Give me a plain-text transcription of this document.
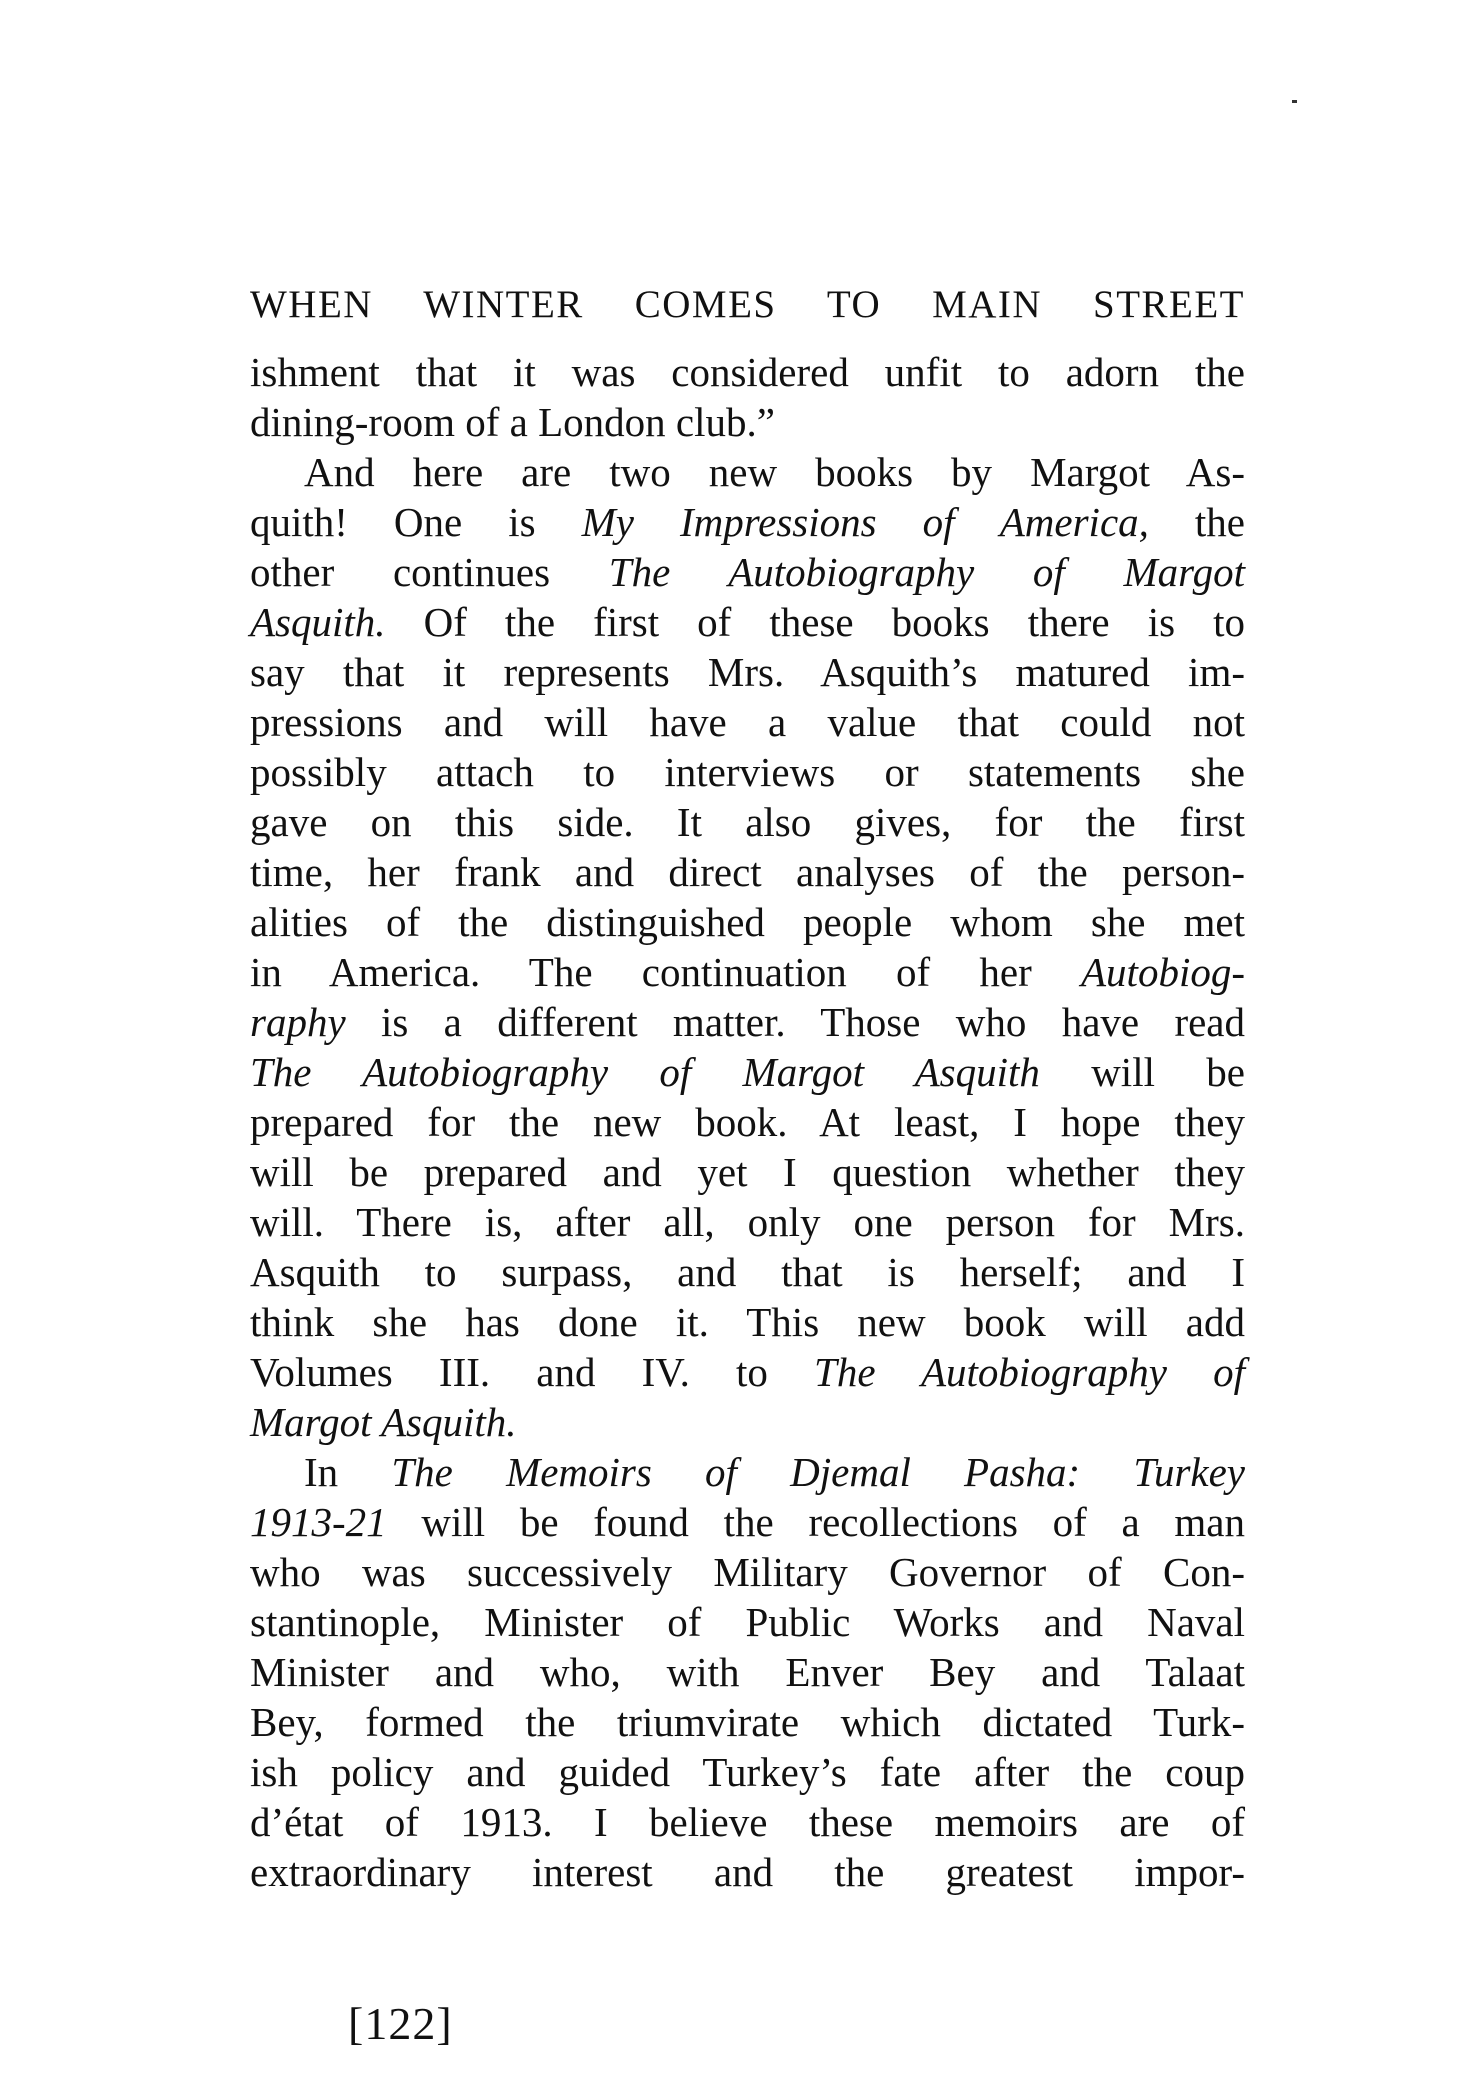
WHEN WINTER COMES TO MAIN STREET
ishment that it was considered unfit to adorn the
dining-room of a London club.”
And here are two new books by Margot As-
quith! One is My Impressions of America, the
other continues The Autobiography of Margot
Asquith. Of the first of these books there is to
say that it represents Mrs. Asquith’s matured im-
pressions and will have a value that could not
possibly attach to interviews or statements she
gave on this side. It also gives, for the first
time, her frank and direct analyses of the person-
alities of the distinguished people whom she met
in America. The continuation of her Autobiog-
raphy is a different matter. Those who have read
The Autobiography of Margot Asquith will be
prepared for the new book. At least, I hope they
will be prepared and yet I question whether they
will. There is, after all, only one person for Mrs.
Asquith to surpass, and that is herself; and I
think she has done it. This new book will add
Volumes III. and IV. to The Autobiography of
Margot Asquith.
In The Memoirs of Djemal Pasha: Turkey
1913-21 will be found the recollections of a man
who was successively Military Governor of Con-
stantinople, Minister of Public Works and Naval
Minister and who, with Enver Bey and Talaat
Bey, formed the triumvirate which dictated Turk-
ish policy and guided Turkey’s fate after the coup
d’état of 1913. I believe these memoirs are of
extraordinary interest and the greatest impor-
[122]
